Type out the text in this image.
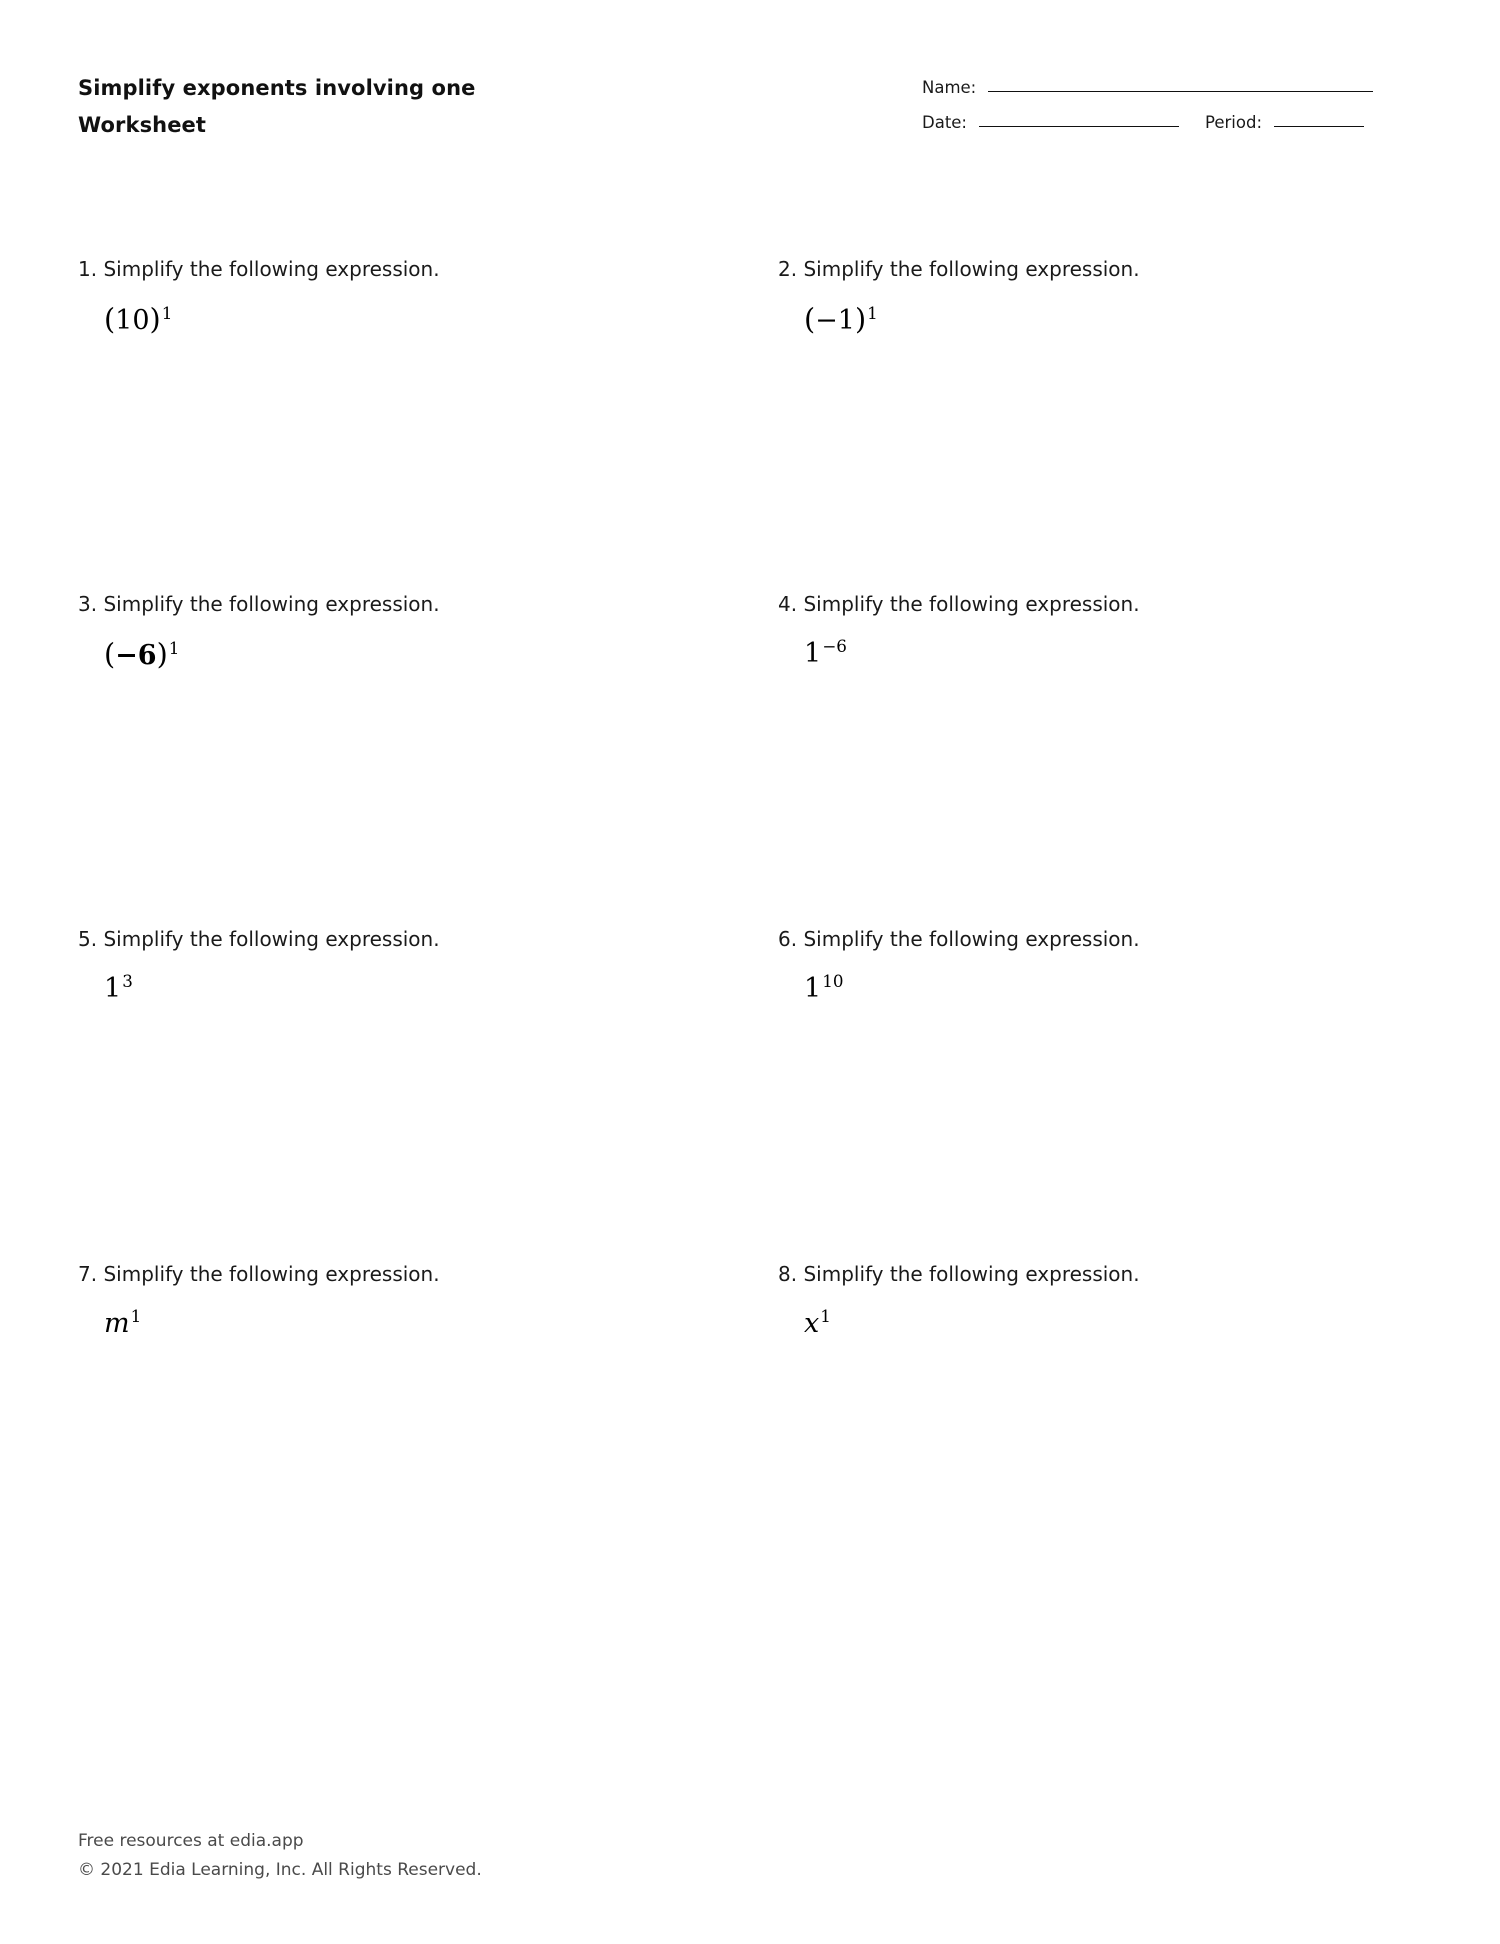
Simplify exponents involving one
Worksheet
Name:
Date:	Period:
1. Simplify the following expression.
$(10)^1$
2. Simplify the following expression.
$(-1)^1$
3. Simplify the following expression.
$(-6)^1$
4. Simplify the following expression.
$1^{-6}$
5. Simplify the following expression.
$1^3$
6. Simplify the following expression.
$1^{10}$
7. Simplify the following expression.
$m^1$
8. Simplify the following expression.
$x^1$
Free resources at edia.app
© 2021 Edia Learning, Inc. All Rights Reserved.
